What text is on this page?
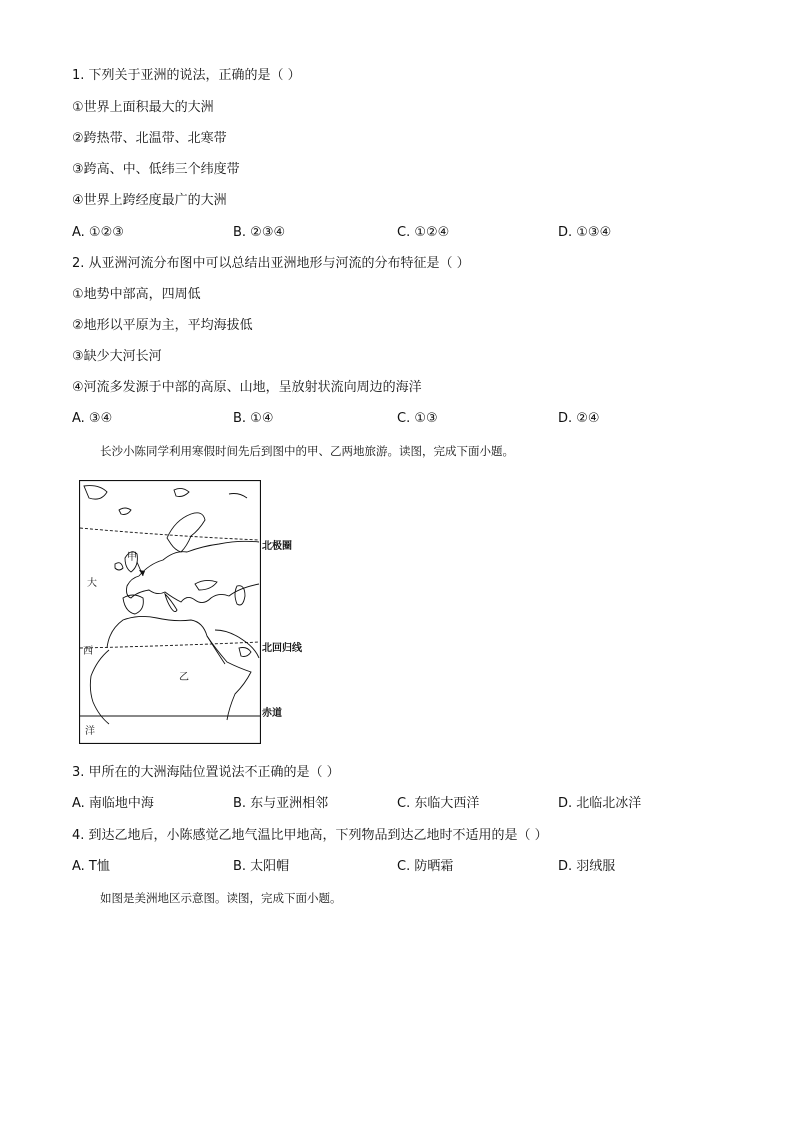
1. 下列关于亚洲的说法，正确的是（ ）
①世界上面积最大的大洲
②跨热带、北温带、北寒带
③跨高、中、低纬三个纬度带
④世界上跨经度最广的大洲
A. ①②③	B. ②③④	C. ①②④	D. ①③④
2. 从亚洲河流分布图中可以总结出亚洲地形与河流的分布特征是（ ）
①地势中部高，四周低
②地形以平原为主，平均海拔低
③缺少大河长河
④河流多发源于中部的高原、山地，呈放射状流向周边的海洋
A. ③④	B. ①④	C. ①③	D. ②④
长沙小陈同学利用寒假时间先后到图中的甲、乙两地旅游。读图，完成下面小题。
甲
大
西
乙
洋
北极圈
北回归线
赤道
3. 甲所在的大洲海陆位置说法不正确的是（ ）
A. 南临地中海	B. 东与亚洲相邻	C. 东临大西洋	D. 北临北冰洋
4. 到达乙地后，小陈感觉乙地气温比甲地高，下列物品到达乙地时不适用的是（ ）
A. T恤	B. 太阳帽	C. 防晒霜	D. 羽绒服
如图是美洲地区示意图。读图，完成下面小题。
